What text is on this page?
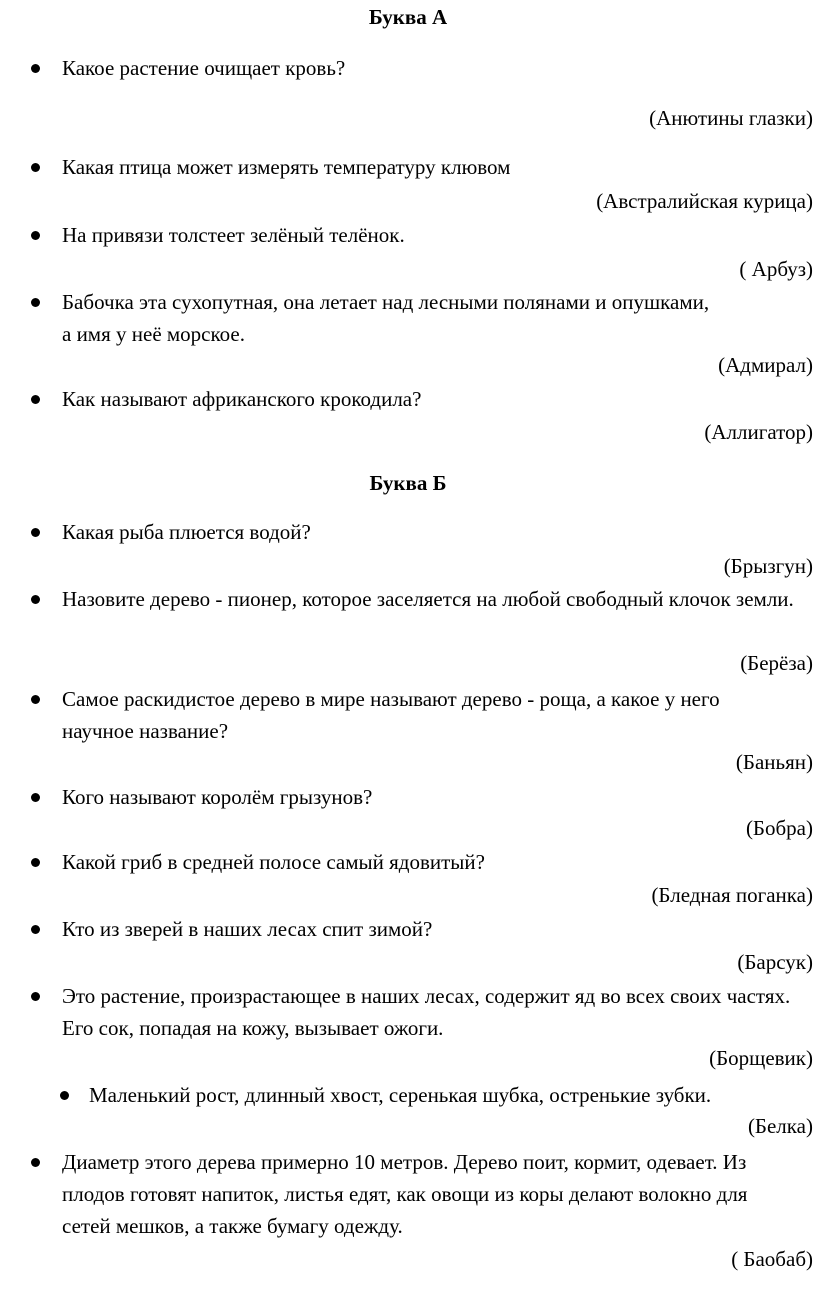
Буква А
Какое растение очищает кровь?
(Анютины глазки)
Какая птица может измерять температуру клювом
(Австралийская курица)
На привязи толстеет зелёный телёнок.
( Арбуз)
Бабочка эта сухопутная, она летает над лесными полянами и опушками, а имя у неё морское.
(Адмирал)
Как называют африканского крокодила?
(Аллигатор)
Буква Б
Какая рыба плюется водой?
(Брызгун)
Назовите дерево - пионер, которое заселяется на любой свободный клочок земли.
(Берёза)
Самое раскидистое дерево в мире называют дерево - роща, а какое у него научное название?
(Баньян)
Кого называют королём грызунов?
(Бобра)
Какой гриб в средней полосе самый ядовитый?
(Бледная поганка)
Кто из зверей в наших лесах спит зимой?
(Барсук)
Это растение, произрастающее в наших лесах, содержит яд во всех своих частях. Его сок, попадая на кожу, вызывает ожоги.
(Борщевик)
Маленький рост, длинный хвост, серенькая шубка, остренькие зубки.
(Белка)
Диаметр этого дерева примерно 10 метров. Дерево поит, кормит, одевает. Из плодов готовят напиток, листья едят, как овощи из коры делают волокно для сетей мешков, а также бумагу одежду.
( Баобаб)
